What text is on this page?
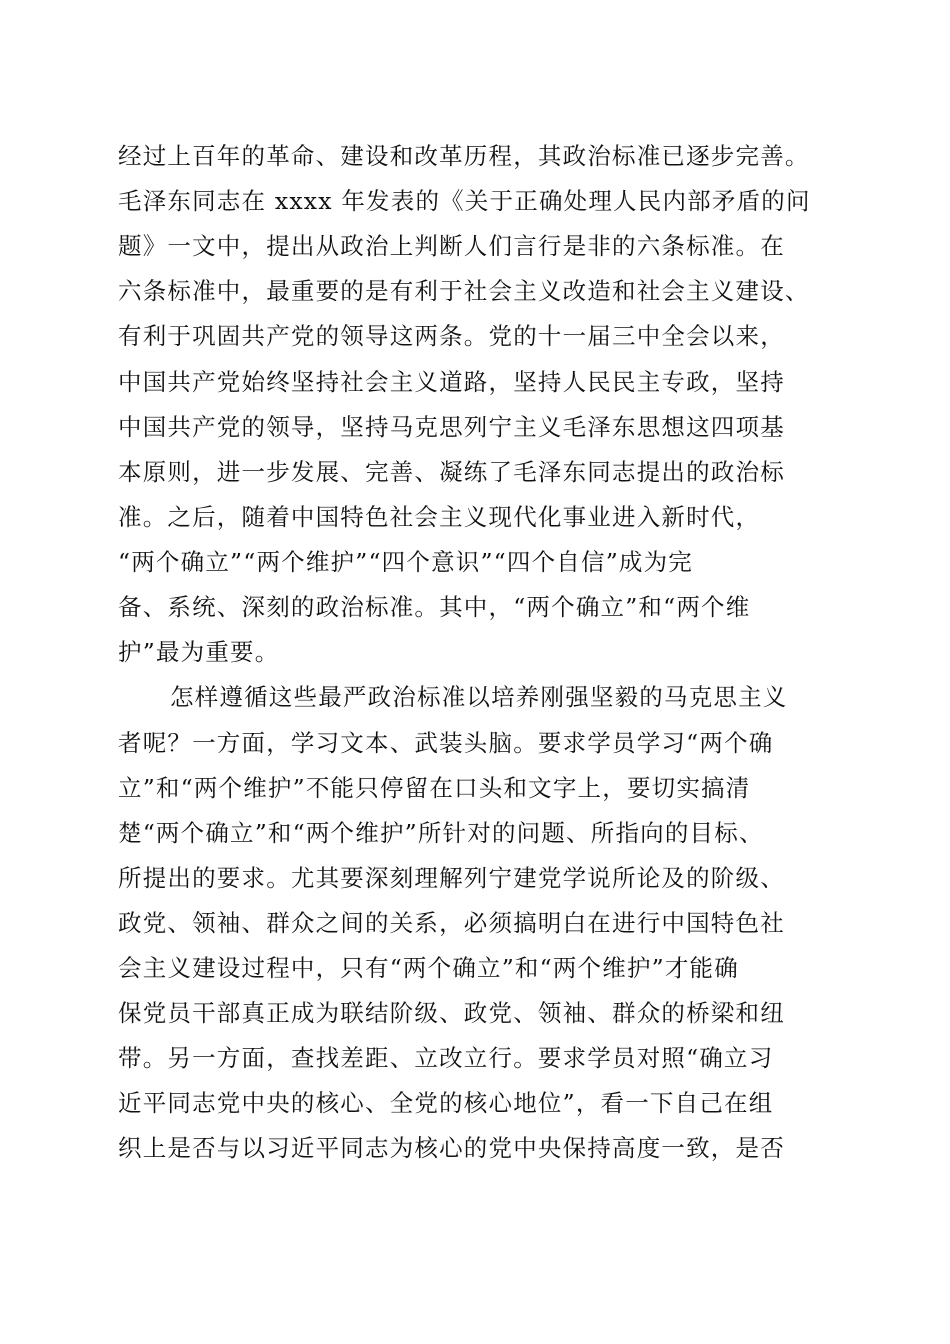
经过上百年的革命、建设和改革历程，其政治标准已逐步完善。
毛泽东同志在 xxxx 年发表的《关于正确处理人民内部矛盾的问
题》一文中，提出从政治上判断人们言行是非的六条标准。在
六条标准中，最重要的是有利于社会主义改造和社会主义建设、
有利于巩固共产党的领导这两条。党的十一届三中全会以来，
中国共产党始终坚持社会主义道路，坚持人民民主专政，坚持
中国共产党的领导，坚持马克思列宁主义毛泽东思想这四项基
本原则，进一步发展、完善、凝练了毛泽东同志提出的政治标
准。之后，随着中国特色社会主义现代化事业进入新时代，
“两个确立”“两个维护”“四个意识”“四个自信”成为完
备、系统、深刻的政治标准。其中，“两个确立”和“两个维
护”最为重要。
怎样遵循这些最严政治标准以培养刚强坚毅的马克思主义
者呢？一方面，学习文本、武装头脑。要求学员学习“两个确
立”和“两个维护”不能只停留在口头和文字上，要切实搞清
楚“两个确立”和“两个维护”所针对的问题、所指向的目标、
所提出的要求。尤其要深刻理解列宁建党学说所论及的阶级、
政党、领袖、群众之间的关系，必须搞明白在进行中国特色社
会主义建设过程中，只有“两个确立”和“两个维护”才能确
保党员干部真正成为联结阶级、政党、领袖、群众的桥梁和纽
带。另一方面，查找差距、立改立行。要求学员对照“确立习
近平同志党中央的核心、全党的核心地位”，看一下自己在组
织上是否与以习近平同志为核心的党中央保持高度一致，是否
